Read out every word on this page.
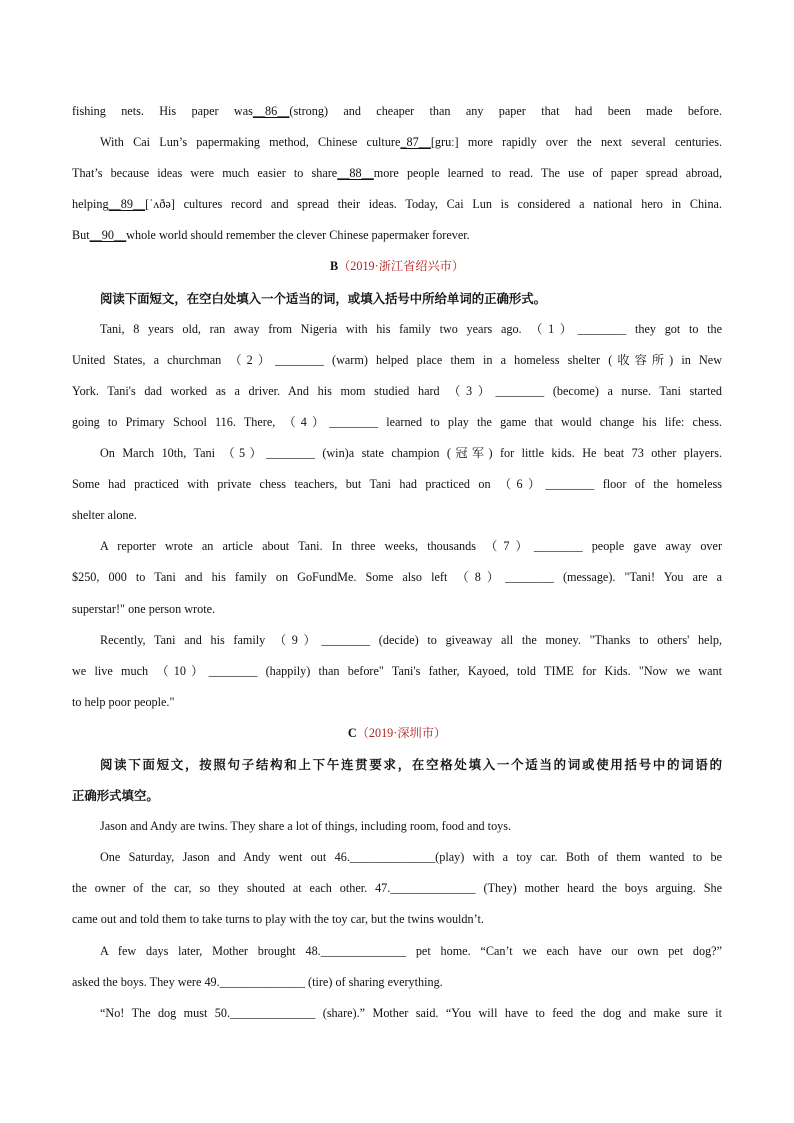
fishing nets. His paper was__86__(strong) and cheaper than any paper that had been made before.
With Cai Lun’s papermaking method, Chinese culture_87__[gruː] more rapidly over the next several centuries.
That’s because ideas were much easier to share__88__more people learned to read. The use of paper spread abroad,
helping__89__[ˈʌðə] cultures record and spread their ideas. Today, Cai Lun is considered a national hero in China.
But__90__whole world should remember the clever Chinese papermaker forever.
B（2019·浙江省绍兴市）
阅读下面短文，在空白处填入一个适当的词，或填入括号中所给单词的正确形式。
Tani, 8 years old, ran away from Nigeria with his family two years ago. （1）________ they got to the
United States, a churchman （2）________ (warm) helped place them in a homeless shelter (收容所) in New
York. Tani's dad worked as a driver. And his mom studied hard （3）________ (become) a nurse. Tani started
going to Primary School 116. There, （4）________ learned to play the game that would change his life: chess.
On March 10th, Tani （5）________ (win)a state champion (冠军) for little kids. He beat 73 other players.
Some had practiced with private chess teachers, but Tani had practiced on （6）________ floor of the homeless
shelter alone.
A reporter wrote an article about Tani. In three weeks, thousands （7）________ people gave away over
$250, 000 to Tani and his family on GoFundMe. Some also left （8）________ (message). "Tani! You are a
superstar!" one person wrote.
Recently, Tani and his family （9）________ (decide) to giveaway all the money. "Thanks to others' help,
we live much （10）________ (happily) than before" Tani's father, Kayoed, told TIME for Kids. "Now we want
to help poor people."
C（2019·深圳市）
阅读下面短文，按照句子结构和上下午连贯要求，在空格处填入一个适当的词或使用括号中的词语的
正确形式填空。
Jason and Andy are twins. They share a lot of things, including room, food and toys.
One Saturday, Jason and Andy went out 46.______________(play) with a toy car. Both of them wanted to be
the owner of the car, so they shouted at each other. 47.______________ (They) mother heard the boys arguing. She
came out and told them to take turns to play with the toy car, but the twins wouldn’t.
A few days later, Mother brought 48.______________ pet home. “Can’t we each have our own pet dog?”
asked the boys. They were 49.______________ (tire) of sharing everything.
“No! The dog must 50.______________ (share).” Mother said. “You will have to feed the dog and make sure it
